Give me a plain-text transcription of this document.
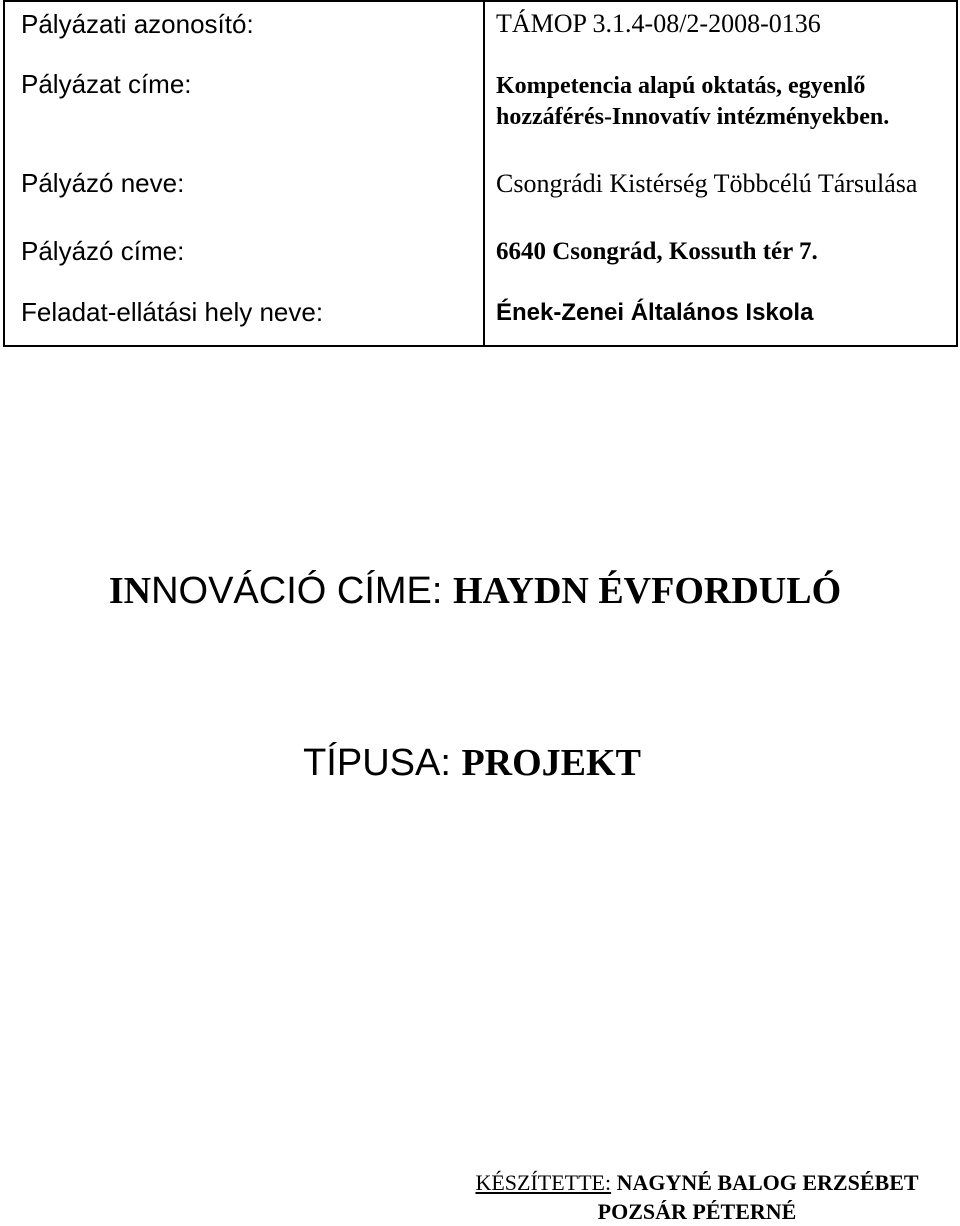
Pályázati azonosító:	TÁMOP 3.1.4-08/2-2008-0136
Pályázat címe:	Kompetencia alapú oktatás, egyenlő hozzáférés-Innovatív intézményekben.
Pályázó neve:	Csongrádi Kistérség Többcélú Társulása
Pályázó címe:	6640 Csongrád, Kossuth tér 7.
Feladat-ellátási hely neve:	Ének-Zenei Általános Iskola
INNOVÁCIÓ CÍME: HAYDN ÉVFORDULÓ
TÍPUSA: PROJEKT
KÉSZÍTETTE: NAGYNÉ BALOG ERZSÉBET POZSÁR PÉTERNÉ
